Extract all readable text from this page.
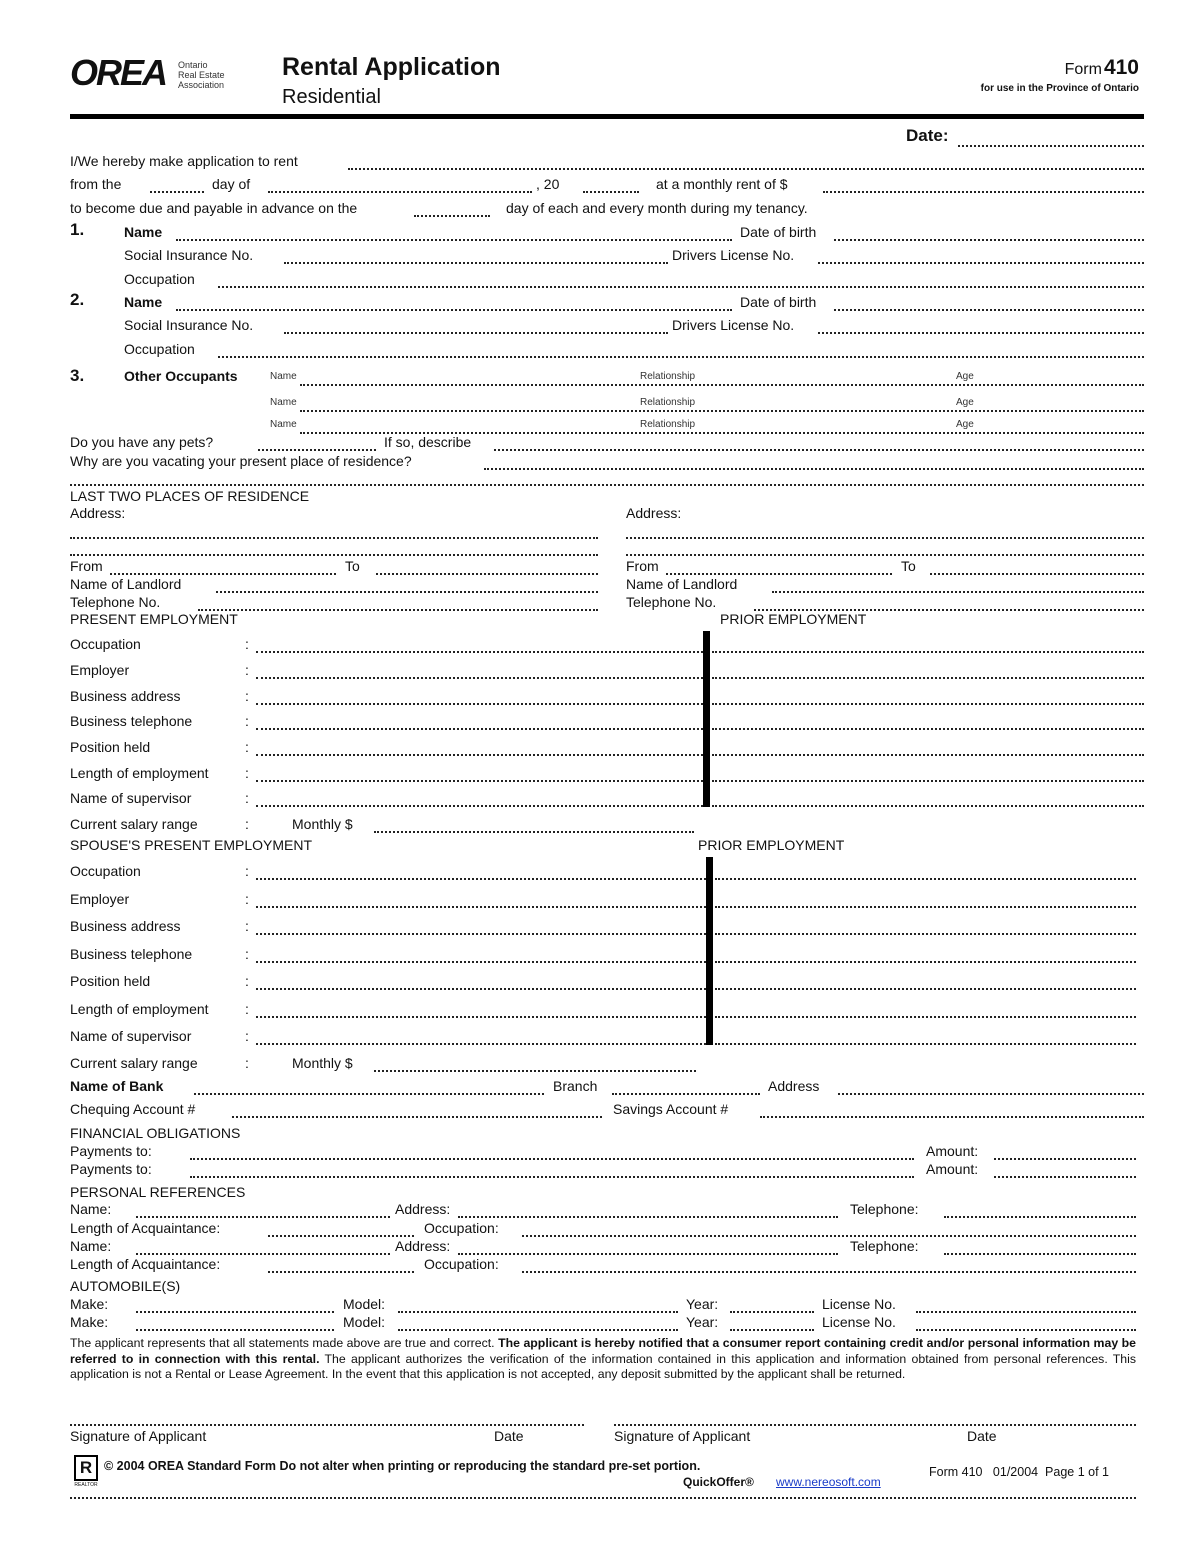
OREA Ontario
Real Estate
Association
Rental Application
Residential
Form410
for use in the Province of Ontario
Date:
I/We hereby make application to rent
from the	day of	, 20	at a monthly rent of $
to become due and payable in advance on the	day of each and every month during my tenancy.
1.	Name	Date of birth
Social Insurance No.	Drivers License No.
Occupation
2.	Name	Date of birth
Social Insurance No.	Drivers License No.
Occupation
3.	Other Occupants	Name	Relationship	Age
Name	Relationship	Age
Name	Relationship	Age
Do you have any pets?	If so, describe
Why are you vacating your present place of residence?
LAST TWO PLACES OF RESIDENCE
Address:
From	To
Name of Landlord
Telephone No.
Address:
From	To
Name of Landlord
Telephone No.
PRESENT EMPLOYMENT	PRIOR EMPLOYMENT
Occupation	:
Employer	:
Business address	:
Business telephone	:
Position held	:
Length of employment	:
Name of supervisor	:
Current salary range	:	Monthly $
SPOUSE'S PRESENT EMPLOYMENT	PRIOR EMPLOYMENT
Occupation	:
Employer	:
Business address	:
Business telephone	:
Position held	:
Length of employment	:
Name of supervisor	:
Current salary range	:	Monthly $
Name of Bank	Branch	Address
Chequing Account #	Savings Account #
FINANCIAL OBLIGATIONS
Payments to:	Amount:
Payments to:	Amount:
PERSONAL REFERENCES
Name:	Address:	Telephone:
Length of Acquaintance:	Occupation:
Name:	Address:	Telephone:
Length of Acquaintance:	Occupation:
AUTOMOBILE(S)
Make:	Model:	Year:	License No.
Make:	Model:	Year:	License No.
The applicant represents that all statements made above are true and correct. The applicant is hereby notified that a consumer report containing credit and/or personal information may be referred to in connection with this rental. The applicant authorizes the verification of the information contained in this application and information obtained from personal references. This application is not a Rental or Lease Agreement. In the event that this application is not accepted, any deposit submitted by the applicant shall be returned.
Signature of Applicant	Date	Signature of Applicant	Date
R
REALTOR
© 2004 OREA Standard Form Do not alter when printing or reproducing the standard pre-set portion.
QuickOffer® www.nereosoft.com
Form 410   01/2004  Page 1 of 1
